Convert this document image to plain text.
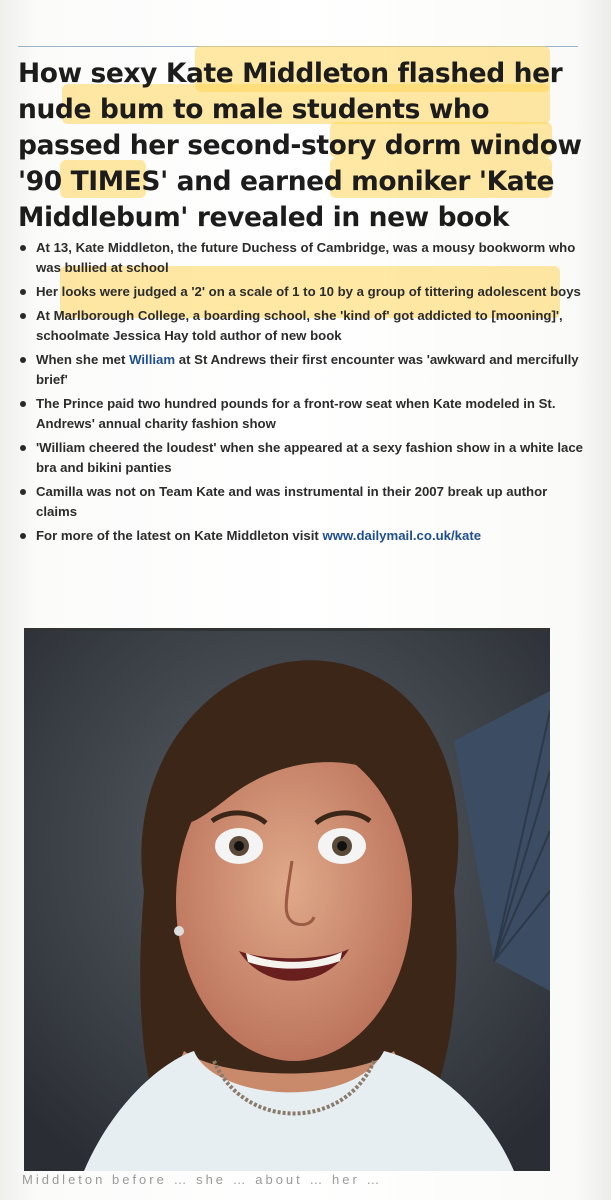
How sexy Kate Middleton flashed her
nude bum to male students who
passed her second-story dorm window
'90 TIMES' and earned moniker 'Kate
Middlebum' revealed in new book
At 13, Kate Middleton, the future Duchess of Cambridge, was a mousy bookworm who was bullied at school
Her looks were judged a '2' on a scale of 1 to 10 by a group of tittering adolescent boys
At Marlborough College, a boarding school, she 'kind of' got addicted to [mooning]', schoolmate Jessica Hay told author of new book
When she met William at St Andrews their first encounter was 'awkward and mercifully brief'
The Prince paid two hundred pounds for a front-row seat when Kate modeled in St. Andrews' annual charity fashion show
'William cheered the loudest' when she appeared at a sexy fashion show in a white lace bra and bikini panties
Camilla was not on Team Kate and was instrumental in their 2007 break up author claims
For more of the latest on Kate Middleton visit www.dailymail.co.uk/kate
Middleton before … she … about … her …
